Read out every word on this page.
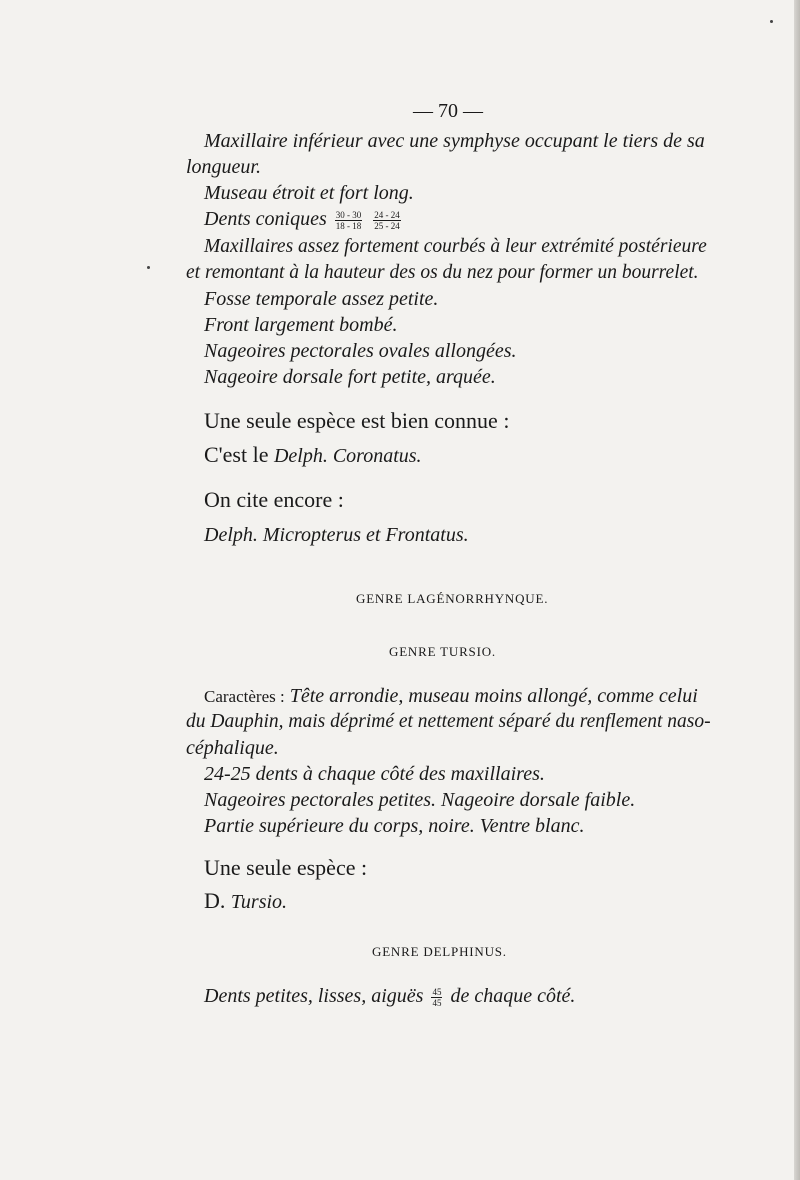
— 70 —
Maxillaire inférieur avec une symphyse occupant le tiers de sa
longueur.
Museau étroit et fort long.
Dents coniques $\frac{30 - 30}{18 - 18}$
$\frac{24 - 24}{25 - 24}$
Maxillaires assez fortement courbés à leur extrémité postérieure
et remontant à la hauteur des os du nez pour former un bourrelet.
Fosse temporale assez petite.
Front largement bombé.
Nageoires pectorales ovales allongées.
Nageoire dorsale fort petite, arquée.
Une seule espèce est bien connue :
C'est le Delph. Coronatus.
On cite encore :
Delph. Micropterus et Frontatus.
GENRE LAGÉNORRHYNQUE.
GENRE TURSIO.
Caractères : Tête arrondie, museau moins allongé, comme celui
du Dauphin, mais déprimé et nettement séparé du renflement naso-
céphalique.
24-25 dents à chaque côté des maxillaires.
Nageoires pectorales petites. Nageoire dorsale faible.
Partie supérieure du corps, noire. Ventre blanc.
Une seule espèce :
D. Tursio.
GENRE DELPHINUS.
Dents petites, lisses, aiguës $\frac{45}{45}$ de chaque côté.
